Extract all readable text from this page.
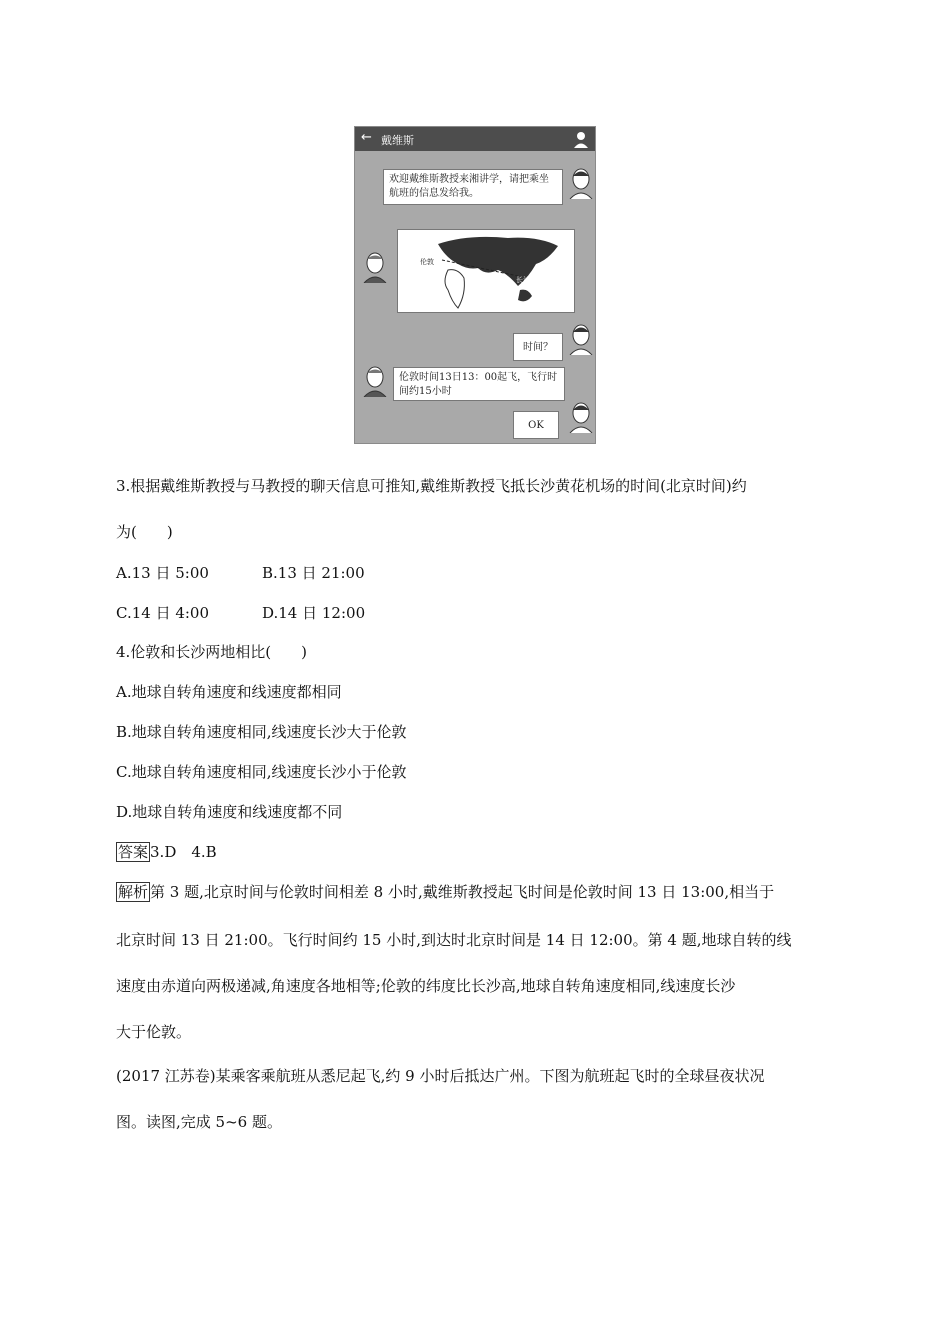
← 戴维斯
欢迎戴维斯教授来湘讲学，请把乘坐航班的信息发给我。
伦敦
长沙
时间？
伦敦时间13日13：00起飞，飞行时间约15小时
OK
3.根据戴维斯教授与马教授的聊天信息可推知,戴维斯教授飞抵长沙黄花机场的时间(北京时间)约
为(　　)
A.13 日 5:00	B.13 日 21:00
C.14 日 4:00	D.14 日 12:00
4.伦敦和长沙两地相比(　　)
A.地球自转角速度和线速度都相同
B.地球自转角速度相同,线速度长沙大于伦敦
C.地球自转角速度相同,线速度长沙小于伦敦
D.地球自转角速度和线速度都不同
答案 3.D　4.B
解析 第 3 题,北京时间与伦敦时间相差 8 小时,戴维斯教授起飞时间是伦敦时间 13 日 13:00,相当于
北京时间 13 日 21:00。飞行时间约 15 小时,到达时北京时间是 14 日 12:00。第 4 题,地球自转的线
速度由赤道向两极递减,角速度各地相等;伦敦的纬度比长沙高,地球自转角速度相同,线速度长沙
大于伦敦。
(2017 江苏卷)某乘客乘航班从悉尼起飞,约 9 小时后抵达广州。下图为航班起飞时的全球昼夜状况
图。读图,完成 5~6 题。
